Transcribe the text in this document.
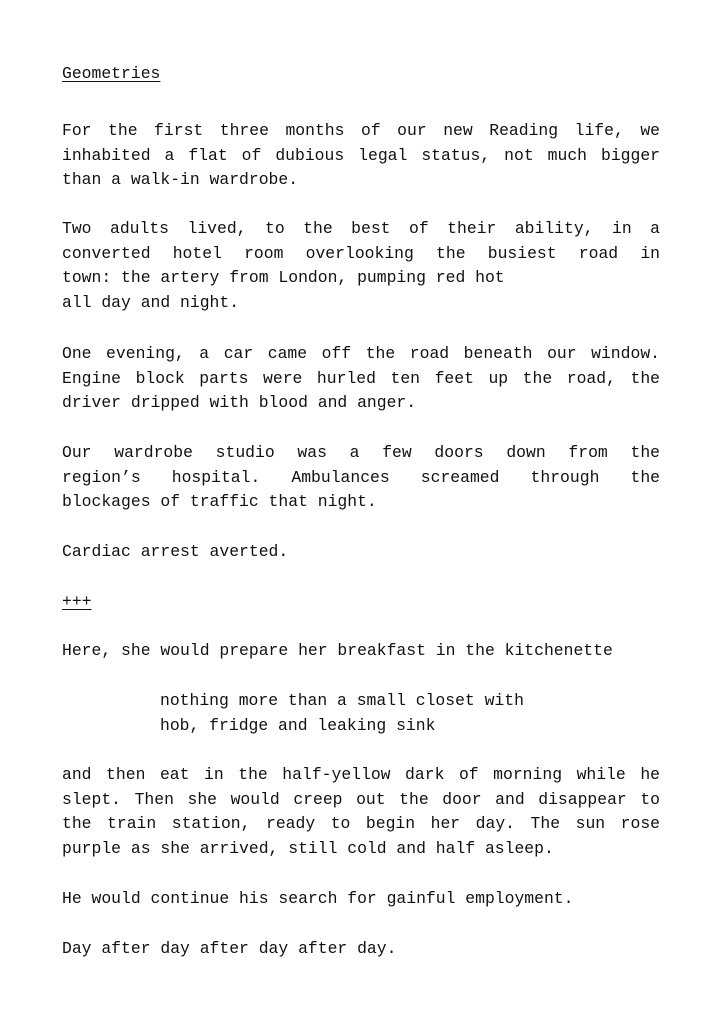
Geometries
For the first three months of our new Reading life, we
inhabited a flat of dubious legal status, not much bigger
than a walk-in wardrobe.
Two adults lived, to the best of their ability, in a
converted hotel room overlooking the busiest road in
town: the artery from London, pumping red hot
all day and night.
One evening, a car came off the road beneath our window.
Engine block parts were hurled ten feet up the road, the
driver dripped with blood and anger.
Our wardrobe studio was a few doors down from the
region’s hospital. Ambulances screamed through the
blockages of traffic that night.
Cardiac arrest averted.
+++
Here, she would prepare her breakfast in the kitchenette
nothing more than a small closet with
hob, fridge and leaking sink
and then eat in the half-yellow dark of morning while he
slept. Then she would creep out the door and disappear to
the train station, ready to begin her day. The sun rose
purple as she arrived, still cold and half asleep.
He would continue his search for gainful employment.
Day after day after day after day.
